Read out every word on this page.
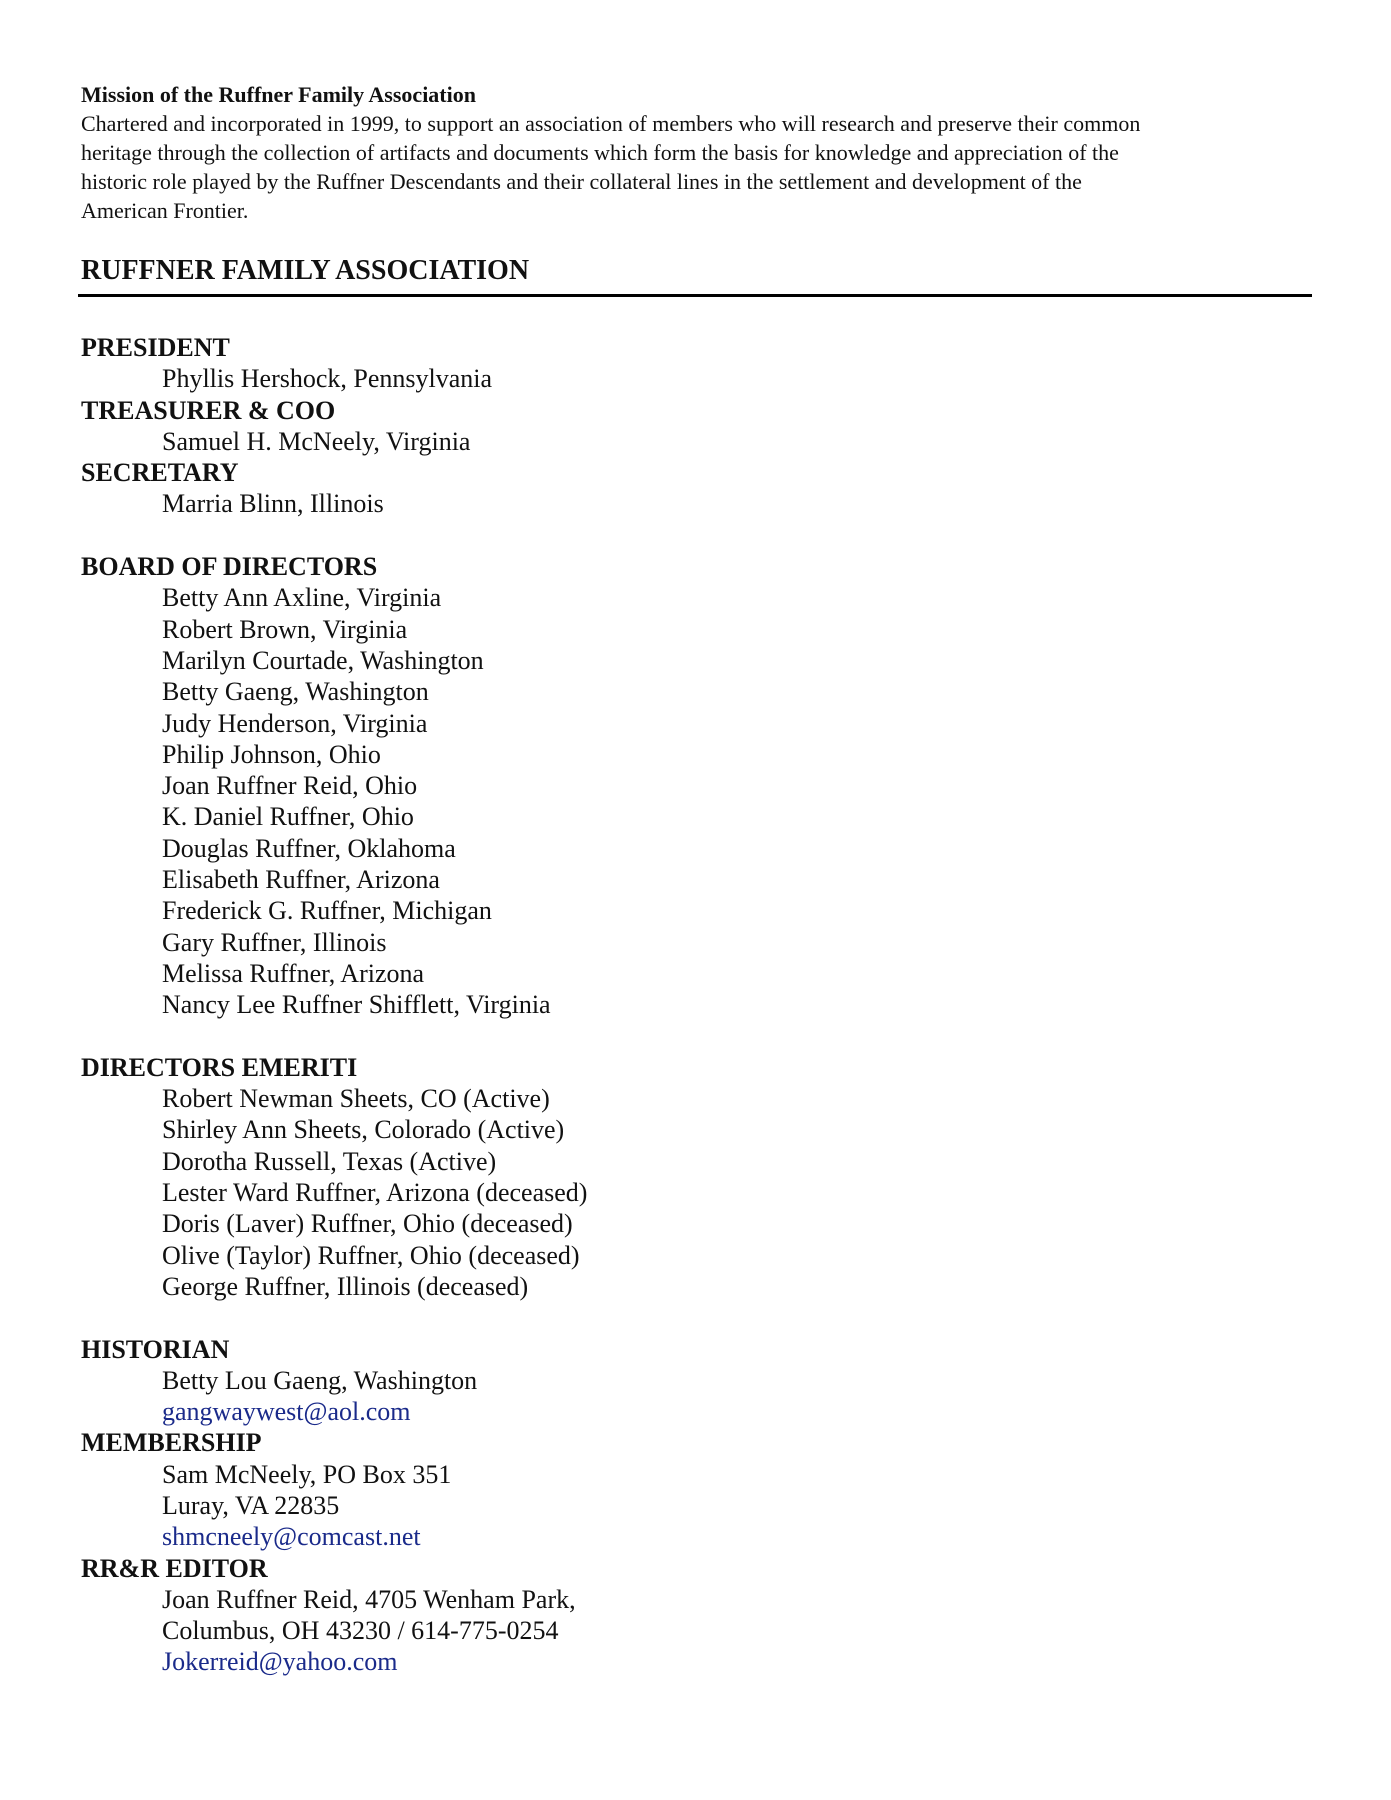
Mission of the Ruffner Family Association
Chartered and incorporated in 1999, to support an association of members who will research and preserve their common
heritage through the collection of artifacts and documents which form the basis for knowledge and appreciation of the
historic role played by the Ruffner Descendants and their collateral lines in the settlement and development of the
American Frontier.
RUFFNER FAMILY ASSOCIATION

PRESIDENT

Phyllis Hershock, Pennsylvania

TREASURER & COO

Samuel H. McNeely, Virginia

SECRETARY

Marria Blinn, Illinois

BOARD OF DIRECTORS

Betty Ann Axline, Virginia

Robert Brown, Virginia

Marilyn Courtade, Washington

Betty Gaeng, Washington

Judy Henderson, Virginia

Philip Johnson, Ohio

Joan Ruffner Reid, Ohio

K. Daniel Ruffner, Ohio

Douglas Ruffner, Oklahoma

Elisabeth Ruffner, Arizona

Frederick G. Ruffner, Michigan

Gary Ruffner, Illinois

Melissa Ruffner, Arizona

Nancy Lee Ruffner Shifflett, Virginia

DIRECTORS EMERITI

Robert Newman Sheets, CO (Active)

Shirley Ann Sheets, Colorado (Active)

Dorotha Russell, Texas (Active)

Lester Ward Ruffner, Arizona (deceased)

Doris (Laver) Ruffner, Ohio (deceased)

Olive (Taylor) Ruffner, Ohio (deceased)

George Ruffner, Illinois (deceased)

HISTORIAN

Betty Lou Gaeng, Washington

gangwaywest@aol.com

MEMBERSHIP

Sam McNeely, PO Box 351

Luray, VA 22835

shmcneely@comcast.net

RR&R EDITOR

Joan Ruffner Reid, 4705 Wenham Park,

Columbus, OH 43230 / 614-775-0254

Jokerreid@yahoo.com
